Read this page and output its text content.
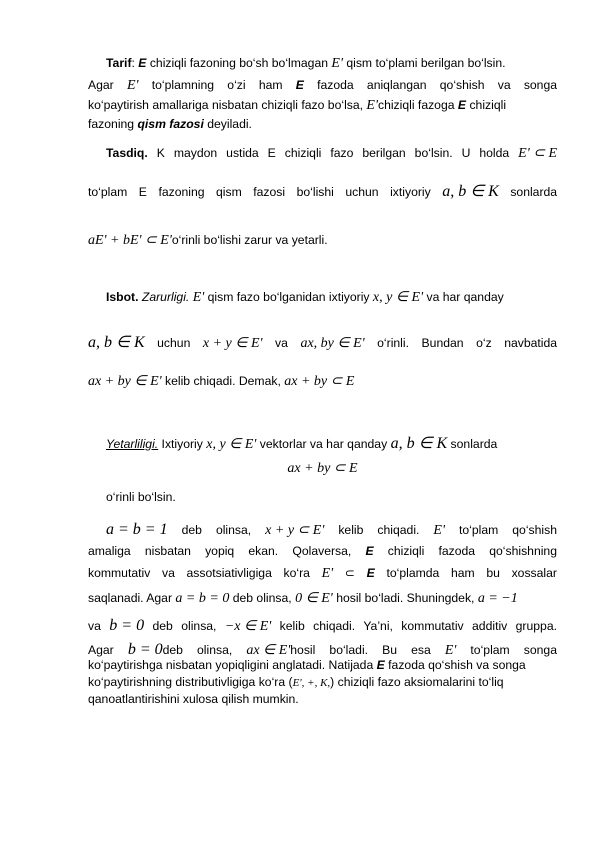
Tarif: E chiziqli fazoning bo‘sh bo‘lmagan E' qism to‘plami berilgan bo‘lsin.
Agar E' to‘plamning o‘zi ham E fazoda aniqlangan qo‘shish va songa
ko‘paytirish amallariga nisbatan chiziqli fazo bo‘lsa, E'chiziqli fazoga E chiziqli
fazoning qism fazosi deyiladi.
Tasdiq. K maydon ustida E chiziqli fazo berilgan bo‘lsin. U holda E' ⊂ E
to‘plam E fazoning qism fazosi bo‘lishi uchun ixtiyoriy a, b ∈ K sonlarda
aE' + bE' ⊂ E'o‘rinli bo‘lishi zarur va yetarli.
Isbot. Zarurligi. E' qism fazo bo‘lganidan ixtiyoriy x, y ∈ E' va har qanday
a, b ∈ K uchun x + y ∈ E' va ax, by ∈ E' o‘rinli. Bundan o‘z navbatida
ax + by ∈ E' kelib chiqadi. Demak, ax + by ⊂ E
Yetarliligi. Ixtiyoriy x, y ∈ E' vektorlar va har qanday a, b ∈ K sonlarda
ax + by ⊂ E
o‘rinli bo‘lsin.
a = b = 1 deb olinsa, x + y ⊂ E' kelib chiqadi. E' to‘plam qo‘shish
amaliga nisbatan yopiq ekan. Qolaversa, E chiziqli fazoda qo‘shishning
kommutativ va assotsiativligiga ko‘ra E' ⊂ E to‘plamda ham bu xossalar
saqlanadi. Agar a = b = 0 deb olinsa, 0 ∈ E' hosil bo‘ladi. Shuningdek, a = −1
va b = 0 deb olinsa, −x ∈ E' kelib chiqadi. Ya’ni, kommutativ additiv gruppa.
Agar b = 0deb olinsa, ax ∈ E'hosil bo‘ladi. Bu esa E' to‘plam songa
ko‘paytirishga nisbatan yopiqligini anglatadi. Natijada E fazoda qo‘shish va songa
ko‘paytirishning distributivligiga ko‘ra (E', +, K,) chiziqli fazo aksiomalarini to‘liq
qanoatlantirishini xulosa qilish mumkin.
